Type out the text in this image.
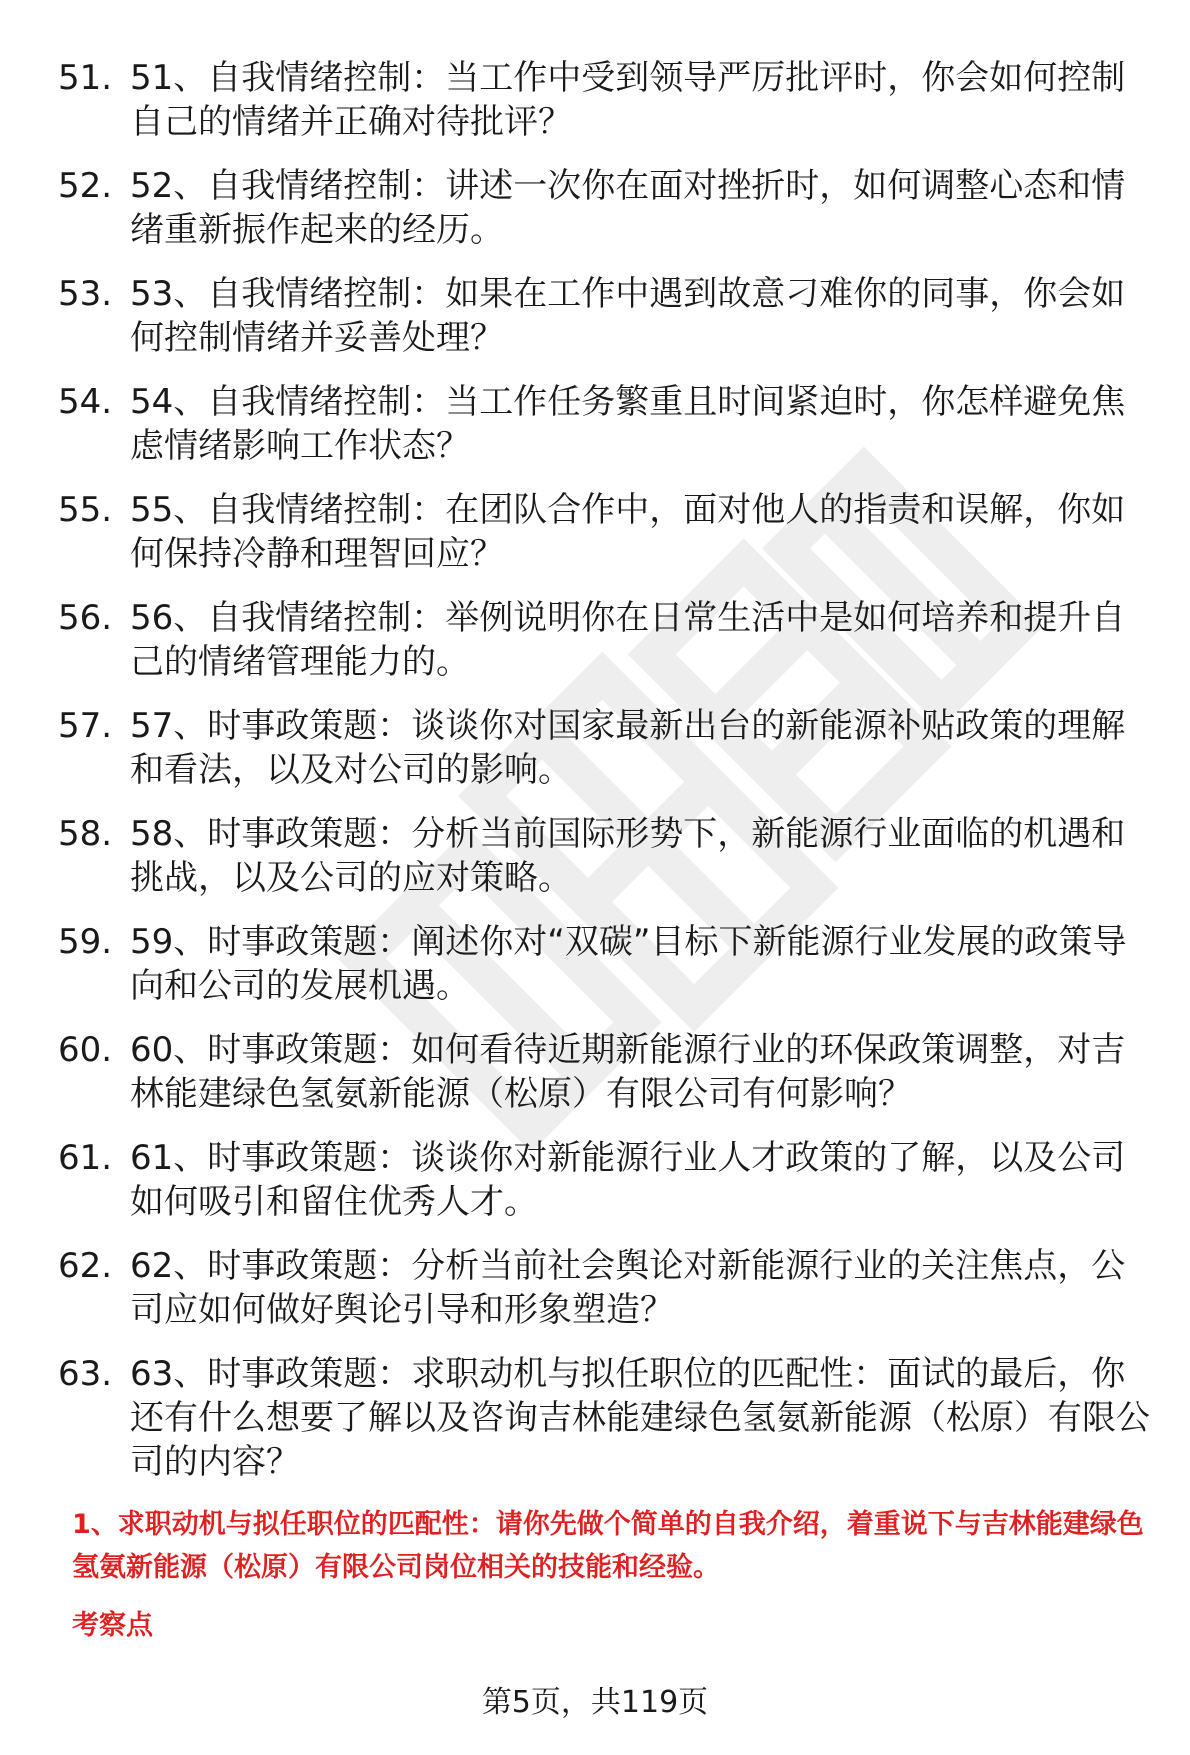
51. 51、自我情绪控制：当工作中受到领导严厉批评时，你会如何控制自己的情绪并正确对待批评？
52. 52、自我情绪控制：讲述一次你在面对挫折时，如何调整心态和情绪重新振作起来的经历。
53. 53、自我情绪控制：如果在工作中遇到故意刁难你的同事，你会如何控制情绪并妥善处理？
54. 54、自我情绪控制：当工作任务繁重且时间紧迫时，你怎样避免焦虑情绪影响工作状态？
55. 55、自我情绪控制：在团队合作中，面对他人的指责和误解，你如何保持冷静和理智回应？
56. 56、自我情绪控制：举例说明你在日常生活中是如何培养和提升自己的情绪管理能力的。
57. 57、时事政策题：谈谈你对国家最新出台的新能源补贴政策的理解和看法，以及对公司的影响。
58. 58、时事政策题：分析当前国际形势下，新能源行业面临的机遇和挑战，以及公司的应对策略。
59. 59、时事政策题：阐述你对“双碳”目标下新能源行业发展的政策导向和公司的发展机遇。
60. 60、时事政策题：如何看待近期新能源行业的环保政策调整，对吉林能建绿色氢氨新能源（松原）有限公司有何影响？
61. 61、时事政策题：谈谈你对新能源行业人才政策的了解，以及公司如何吸引和留住优秀人才。
62. 62、时事政策题：分析当前社会舆论对新能源行业的关注焦点，公司应如何做好舆论引导和形象塑造？
63. 63、时事政策题：求职动机与拟任职位的匹配性：面试的最后，你还有什么想要了解以及咨询吉林能建绿色氢氨新能源（松原）有限公司的内容？

1、求职动机与拟任职位的匹配性：请你先做个简单的自我介绍，着重说下与吉林能建绿色氢氨新能源（松原）有限公司岗位相关的技能和经验。

考察点

第5页，共119页
